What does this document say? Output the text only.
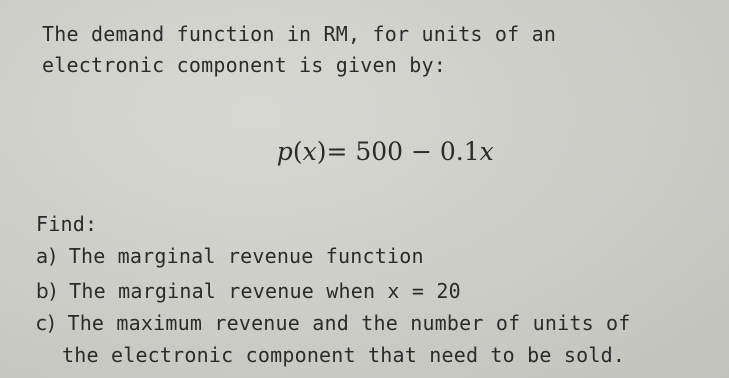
The demand function in RM, for units of an
electronic component is given by:

p(x)= 500 − 0.1x

Find:
a) The marginal revenue function
b) The marginal revenue when x = 20
c) The maximum revenue and the number of units of
the electronic component that need to be sold.
